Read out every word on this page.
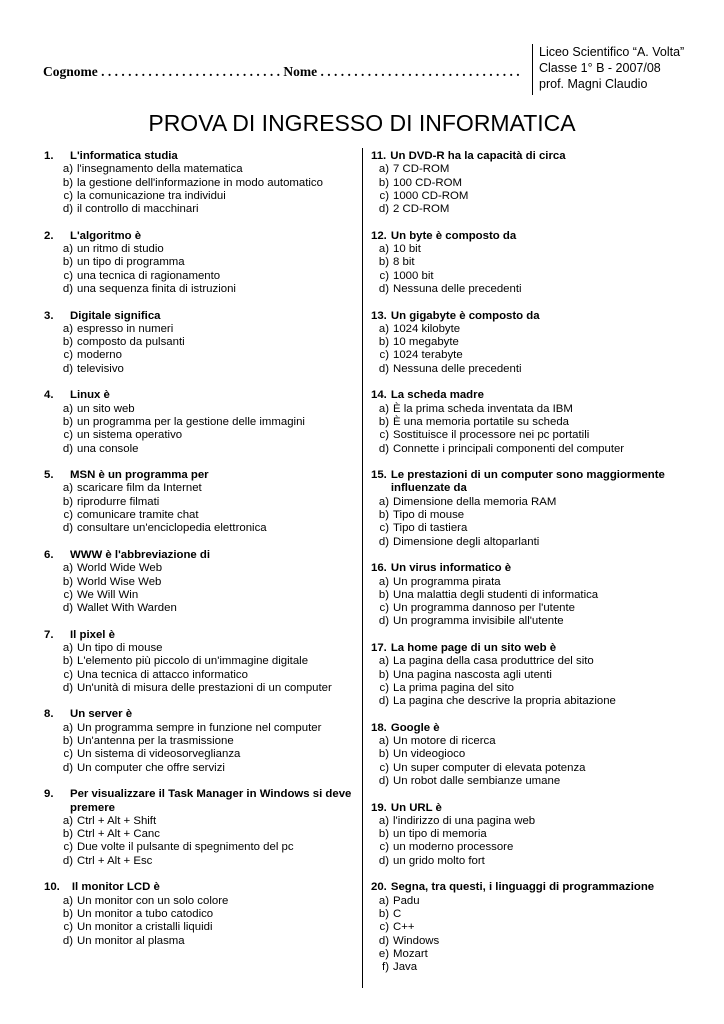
Cognome . . . . . . . . . . . . . . . . . . . . . . . . . . . Nome . . . . . . . . . . . . . . . . . . . . . . . . . . . . . .
Liceo Scientifico “A. Volta”
Classe 1° B - 2007/08
prof. Magni Claudio
PROVA DI INGRESSO DI INFORMATICA
1.	L'informatica studia
a) l'insegnamento della matematica
b) la gestione dell'informazione in modo automatico
c) la comunicazione tra individui
d) il controllo di macchinari
2.	L'algoritmo è
a) un ritmo di studio
b) un tipo di programma
c) una tecnica di ragionamento
d) una sequenza finita di istruzioni
3.	Digitale significa
a) espresso in numeri
b) composto da pulsanti
c) moderno
d) televisivo
4.	Linux è
a) un sito web
b) un programma per la gestione delle immagini
c) un sistema operativo
d) una console
5.	MSN è un programma per
a) scaricare film da Internet
b) riprodurre filmati
c) comunicare tramite chat
d) consultare un'enciclopedia elettronica
6.	WWW è l'abbreviazione di
a) World Wide Web
b) World Wise Web
c) We Will Win
d) Wallet With Warden
7.	Il pixel è
a) Un tipo di mouse
b) L'elemento più piccolo di un'immagine digitale
c) Una tecnica di attacco informatico
d) Un'unità di misura delle prestazioni di un computer
8.	Un server è
a) Un programma sempre in funzione nel computer
b) Un'antenna per la trasmissione
c) Un sistema di videosorveglianza
d) Un computer che offre servizi
9.	Per visualizzare il Task Manager in Windows si deve premere
a) Ctrl + Alt + Shift
b) Ctrl + Alt + Canc
c) Due volte il pulsante di spegnimento del pc
d) Ctrl + Alt + Esc
10.	Il monitor LCD è
a) Un monitor con un solo colore
b) Un monitor a tubo catodico
c) Un monitor a cristalli liquidi
d) Un monitor al plasma
11. Un DVD-R ha la capacità di circa
a) 7 CD-ROM
b) 100 CD-ROM
c) 1000 CD-ROM
d) 2 CD-ROM
12. Un byte è composto da
a) 10 bit
b) 8 bit
c) 1000 bit
d) Nessuna delle precedenti
13. Un gigabyte è composto da
a) 1024 kilobyte
b) 10 megabyte
c) 1024 terabyte
d) Nessuna delle precedenti
14. La scheda madre
a) È la prima scheda inventata da IBM
b) È una memoria portatile su scheda
c) Sostituisce il processore nei pc portatili
d) Connette i principali componenti del computer
15. Le prestazioni di un computer sono maggiormente influenzate da
a) Dimensione della memoria RAM
b) Tipo di mouse
c) Tipo di tastiera
d) Dimensione degli altoparlanti
16. Un virus informatico è
a) Un programma pirata
b) Una malattia degli studenti di informatica
c) Un programma dannoso per l'utente
d) Un programma invisibile all'utente
17. La home page di un sito web è
a) La pagina della casa produttrice del sito
b) Una pagina nascosta agli utenti
c) La prima pagina del sito
d) La pagina che descrive la propria abitazione
18. Google è
a) Un motore di ricerca
b) Un videogioco
c) Un super computer di elevata potenza
d) Un robot dalle sembianze umane
19. Un URL è
a) l'indirizzo di una pagina web
b) un tipo di memoria
c) un moderno processore
d) un grido molto fort
20. Segna, tra questi, i linguaggi di programmazione
a) Padu
b) C
c) C++
d) Windows
e) Mozart
f) Java
